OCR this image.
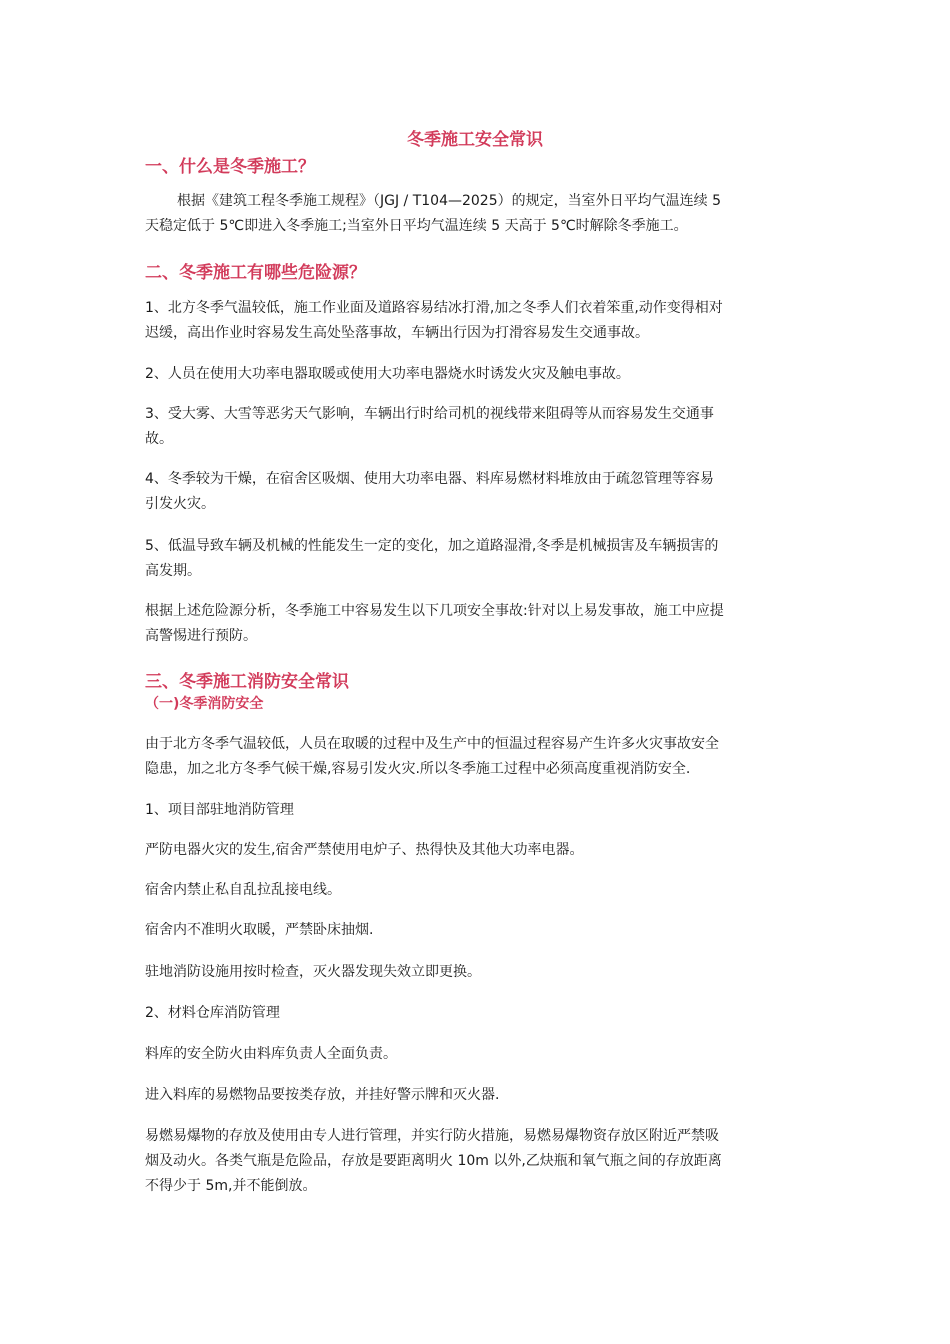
冬季施工安全常识
一、什么是冬季施工？
根据《建筑工程冬季施工规程》（JGJ / T104—2025）的规定，当室外日平均气温连续 5
天稳定低于 5℃即进入冬季施工;当室外日平均气温连续 5 天高于 5℃时解除冬季施工。
二、冬季施工有哪些危险源？
1、北方冬季气温较低，施工作业面及道路容易结冰打滑,加之冬季人们衣着笨重,动作变得相对
迟缓，高出作业时容易发生高处坠落事故，车辆出行因为打滑容易发生交通事故。
2、人员在使用大功率电器取暖或使用大功率电器烧水时诱发火灾及触电事故。
3、受大雾、大雪等恶劣天气影响，车辆出行时给司机的视线带来阻碍等从而容易发生交通事
故。
4、冬季较为干燥，在宿舍区吸烟、使用大功率电器、料库易燃材料堆放由于疏忽管理等容易
引发火灾。
5、低温导致车辆及机械的性能发生一定的变化，加之道路湿滑,冬季是机械损害及车辆损害的
高发期。
根据上述危险源分析，冬季施工中容易发生以下几项安全事故:针对以上易发事故，施工中应提
高警惕进行预防。
三、冬季施工消防安全常识
（一)冬季消防安全
由于北方冬季气温较低，人员在取暖的过程中及生产中的恒温过程容易产生许多火灾事故安全
隐患，加之北方冬季气候干燥,容易引发火灾.所以冬季施工过程中必须高度重视消防安全.
1、项目部驻地消防管理
严防电器火灾的发生,宿舍严禁使用电炉子、热得快及其他大功率电器。
宿舍内禁止私自乱拉乱接电线。
宿舍内不准明火取暖，严禁卧床抽烟.
驻地消防设施用按时检查，灭火器发现失效立即更换。
2、材料仓库消防管理
料库的安全防火由料库负责人全面负责。
进入料库的易燃物品要按类存放，并挂好警示牌和灭火器.
易燃易爆物的存放及使用由专人进行管理，并实行防火措施，易燃易爆物资存放区附近严禁吸
烟及动火。各类气瓶是危险品，存放是要距离明火 10m 以外,乙炔瓶和氧气瓶之间的存放距离
不得少于 5m,并不能倒放。
